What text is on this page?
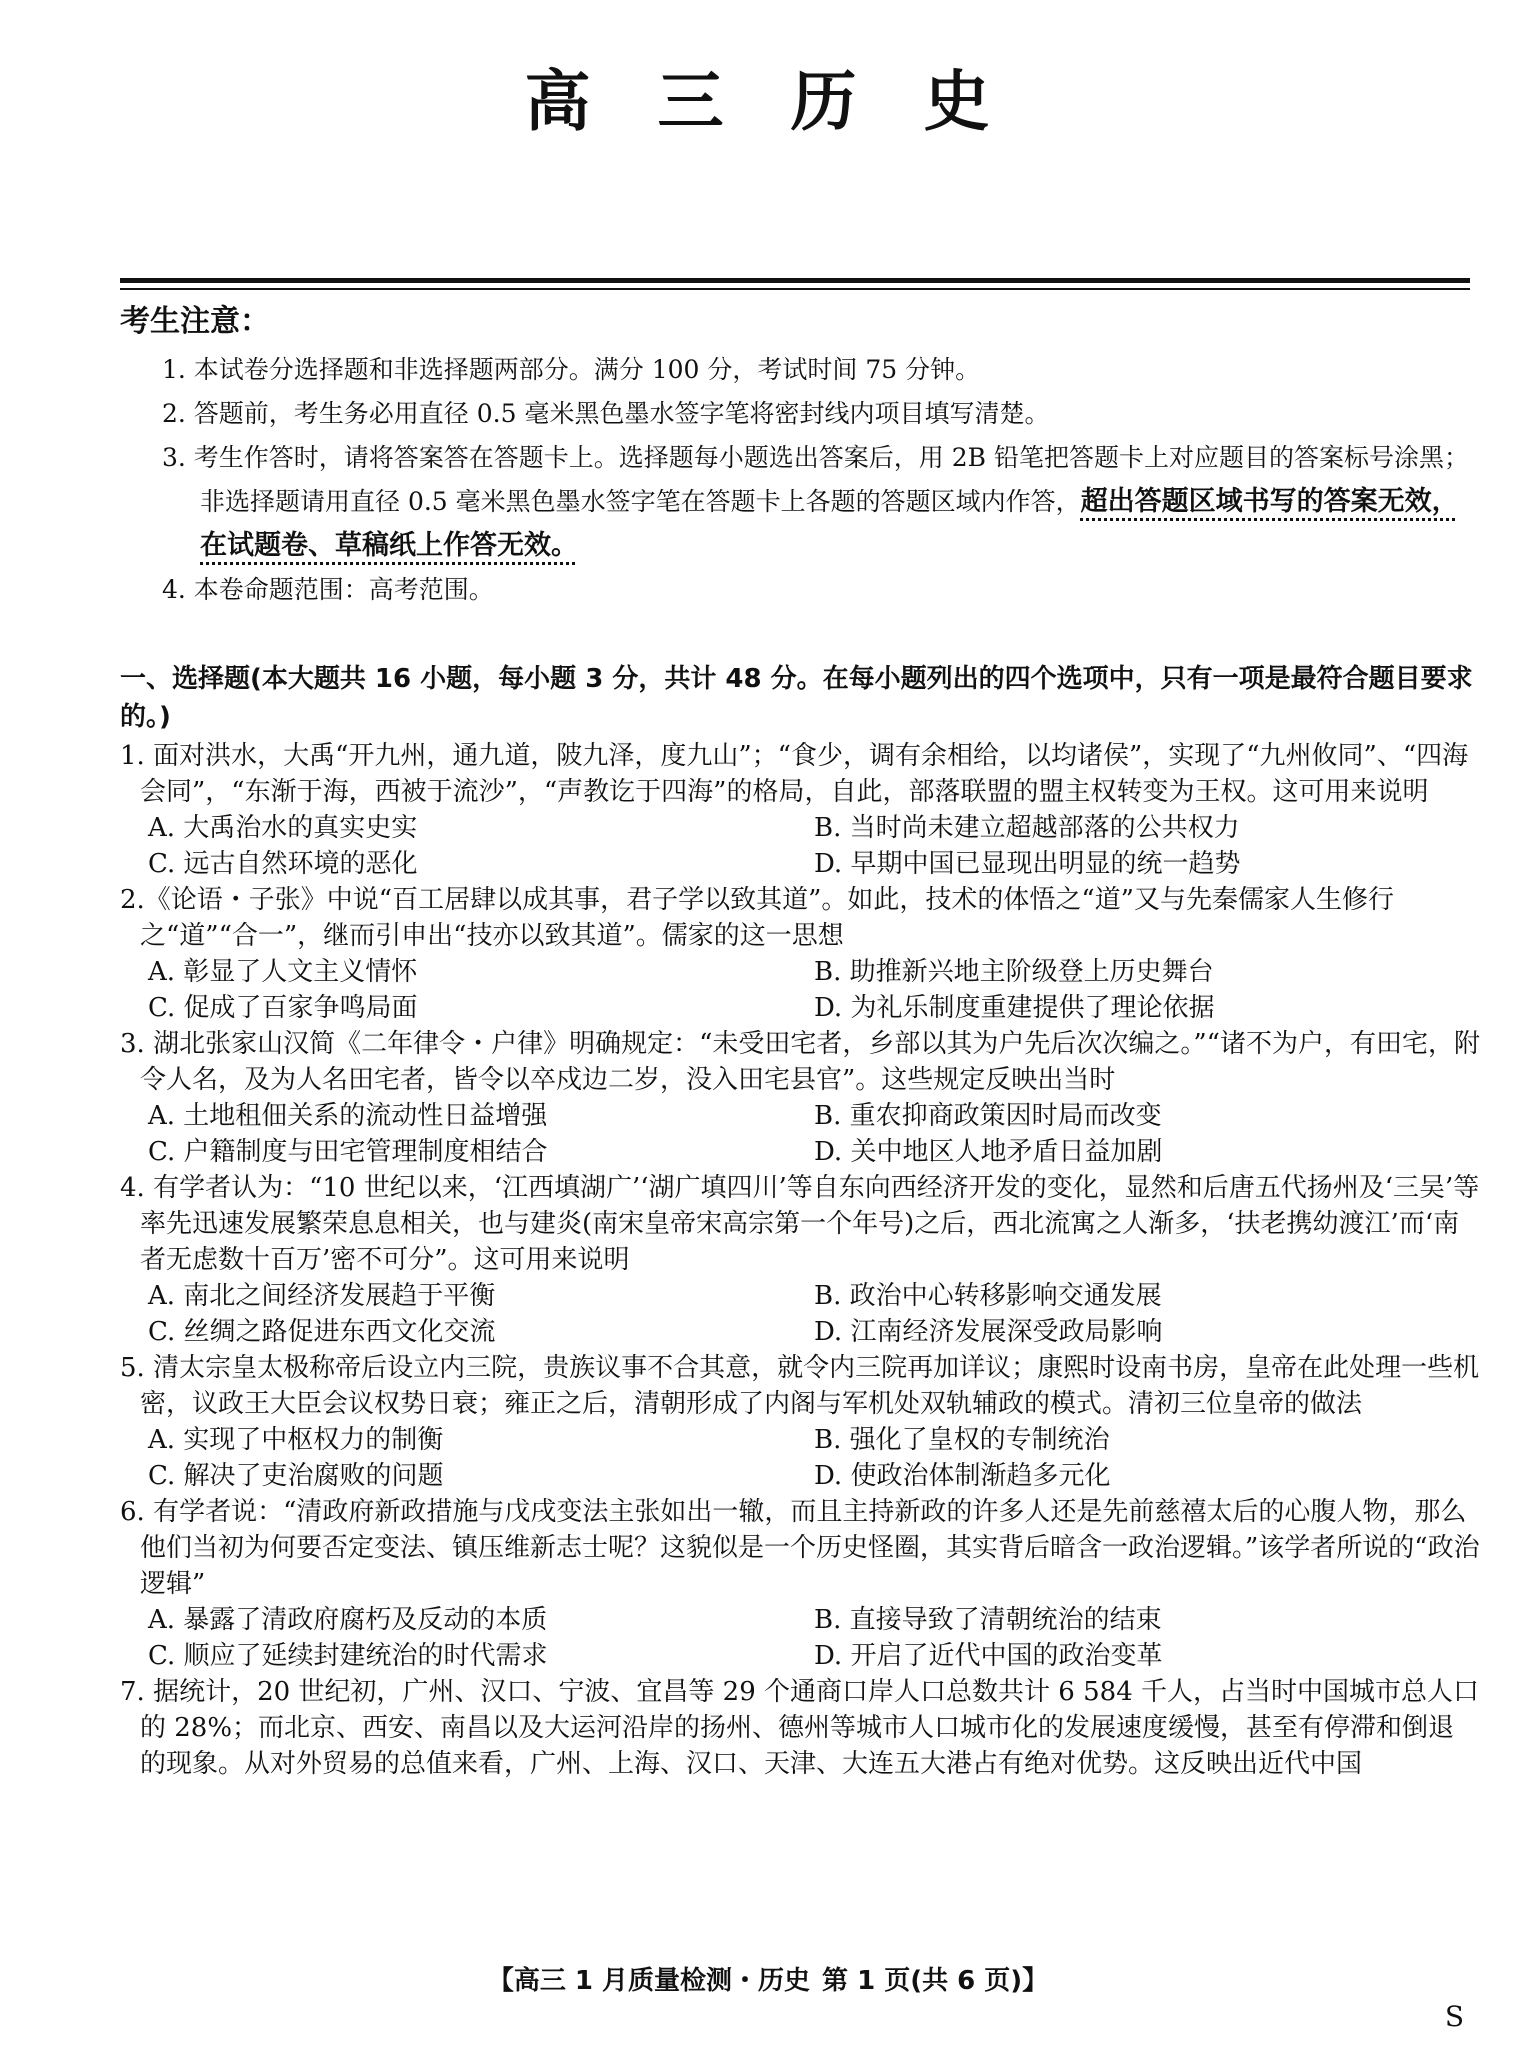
高 三 历 史
考生注意：
1. 本试卷分选择题和非选择题两部分。满分 100 分，考试时间 75 分钟。
2. 答题前，考生务必用直径 0.5 毫米黑色墨水签字笔将密封线内项目填写清楚。
3. 考生作答时，请将答案答在答题卡上。选择题每小题选出答案后，用 2B 铅笔把答题卡上对应题目的答案标号涂黑；非选择题请用直径 0.5 毫米黑色墨水签字笔在答题卡上各题的答题区域内作答，超出答题区域书写的答案无效，在试题卷、草稿纸上作答无效。
4. 本卷命题范围：高考范围。
一、选择题(本大题共 16 小题，每小题 3 分，共计 48 分。在每小题列出的四个选项中，只有一项是最符合题目要求的。)
1. 面对洪水，大禹“开九州，通九道，陂九泽，度九山”；“食少，调有余相给，以均诸侯”，实现了“九州攸同”、“四海会同”，“东渐于海，西被于流沙”，“声教讫于四海”的格局，自此，部落联盟的盟主权转变为王权。这可用来说明
A. 大禹治水的真实史实	B. 当时尚未建立超越部落的公共权力
C. 远古自然环境的恶化	D. 早期中国已显现出明显的统一趋势
2.《论语・子张》中说“百工居肆以成其事，君子学以致其道”。如此，技术的体悟之“道”又与先秦儒家人生修行之“道”“合一”，继而引申出“技亦以致其道”。儒家的这一思想
A. 彰显了人文主义情怀	B. 助推新兴地主阶级登上历史舞台
C. 促成了百家争鸣局面	D. 为礼乐制度重建提供了理论依据
3. 湖北张家山汉简《二年律令・户律》明确规定：“未受田宅者，乡部以其为户先后次次编之。”“诸不为户，有田宅，附令人名，及为人名田宅者，皆令以卒戍边二岁，没入田宅县官”。这些规定反映出当时
A. 土地租佃关系的流动性日益增强	B. 重农抑商政策因时局而改变
C. 户籍制度与田宅管理制度相结合	D. 关中地区人地矛盾日益加剧
4. 有学者认为：“10 世纪以来，‘江西填湖广’‘湖广填四川’等自东向西经济开发的变化，显然和后唐五代扬州及‘三吴’等率先迅速发展繁荣息息相关，也与建炎(南宋皇帝宋高宗第一个年号)之后，西北流寓之人渐多，‘扶老携幼渡江’而‘南者无虑数十百万’密不可分”。这可用来说明
A. 南北之间经济发展趋于平衡	B. 政治中心转移影响交通发展
C. 丝绸之路促进东西文化交流	D. 江南经济发展深受政局影响
5. 清太宗皇太极称帝后设立内三院，贵族议事不合其意，就令内三院再加详议；康熙时设南书房，皇帝在此处理一些机密，议政王大臣会议权势日衰；雍正之后，清朝形成了内阁与军机处双轨辅政的模式。清初三位皇帝的做法
A. 实现了中枢权力的制衡	B. 强化了皇权的专制统治
C. 解决了吏治腐败的问题	D. 使政治体制渐趋多元化
6. 有学者说：“清政府新政措施与戊戌变法主张如出一辙，而且主持新政的许多人还是先前慈禧太后的心腹人物，那么他们当初为何要否定变法、镇压维新志士呢？这貌似是一个历史怪圈，其实背后暗含一政治逻辑。”该学者所说的“政治逻辑”
A. 暴露了清政府腐朽及反动的本质	B. 直接导致了清朝统治的结束
C. 顺应了延续封建统治的时代需求	D. 开启了近代中国的政治变革
7. 据统计，20 世纪初，广州、汉口、宁波、宜昌等 29 个通商口岸人口总数共计 6 584 千人，占当时中国城市总人口的 28%；而北京、西安、南昌以及大运河沿岸的扬州、德州等城市人口城市化的发展速度缓慢，甚至有停滞和倒退的现象。从对外贸易的总值来看，广州、上海、汉口、天津、大连五大港占有绝对优势。这反映出近代中国
【高三 1 月质量检测・历史 第 1 页(共 6 页)】
S
